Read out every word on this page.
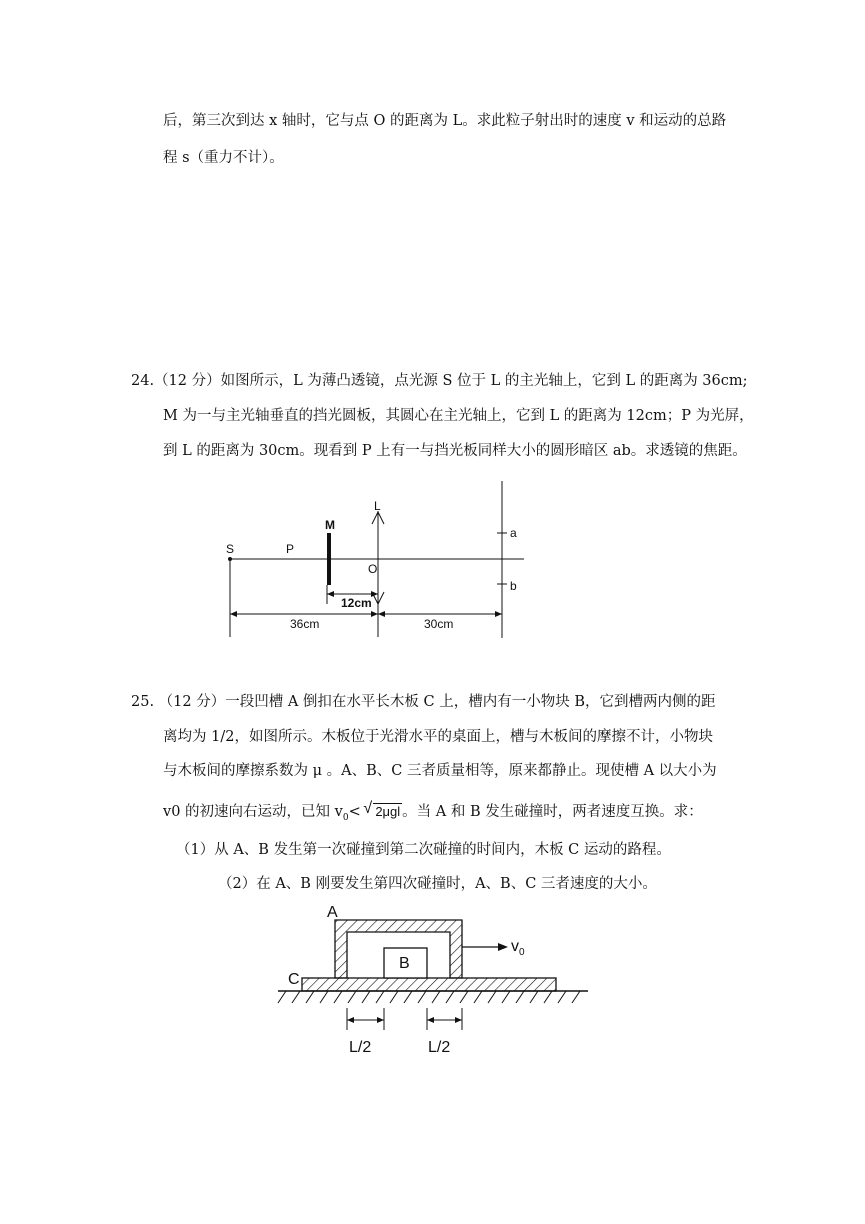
后，第三次到达 x 轴时，它与点 O 的距离为 L。求此粒子射出时的速度 v 和运动的总路
程 s（重力不计）。
24.（12 分）如图所示，L 为薄凸透镜，点光源 S 位于 L 的主光轴上，它到 L 的距离为 36cm;
M 为一与主光轴垂直的挡光圆板，其圆心在主光轴上，它到 L 的距离为 12cm；P 为光屏，
到 L 的距离为 30cm。现看到 P 上有一与挡光板同样大小的圆形暗区 ab。求透镜的焦距。
S	P
M
L
O
a
b
12cm
36cm	30cm
25. （12 分）一段凹槽 A 倒扣在水平长木板 C 上，槽内有一小物块 B，它到槽两内侧的距
离均为 1/2，如图所示。木板位于光滑水平的桌面上，槽与木板间的摩擦不计，小物块
与木板间的摩擦系数为 μ 。A、B、C 三者质量相等，原来都静止。现使槽 A 以大小为
v0 的初速向右运动，已知 $v_0<$ √ 2μgl 。当 A 和 B 发生碰撞时，两者速度互换。求：
（1）从 A、B 发生第一次碰撞到第二次碰撞的时间内，木板 C 运动的路程。
（2）在 A、B 刚要发生第四次碰撞时，A、B、C 三者速度的大小。
A
B
C
$v_0$
L/2	L/2
